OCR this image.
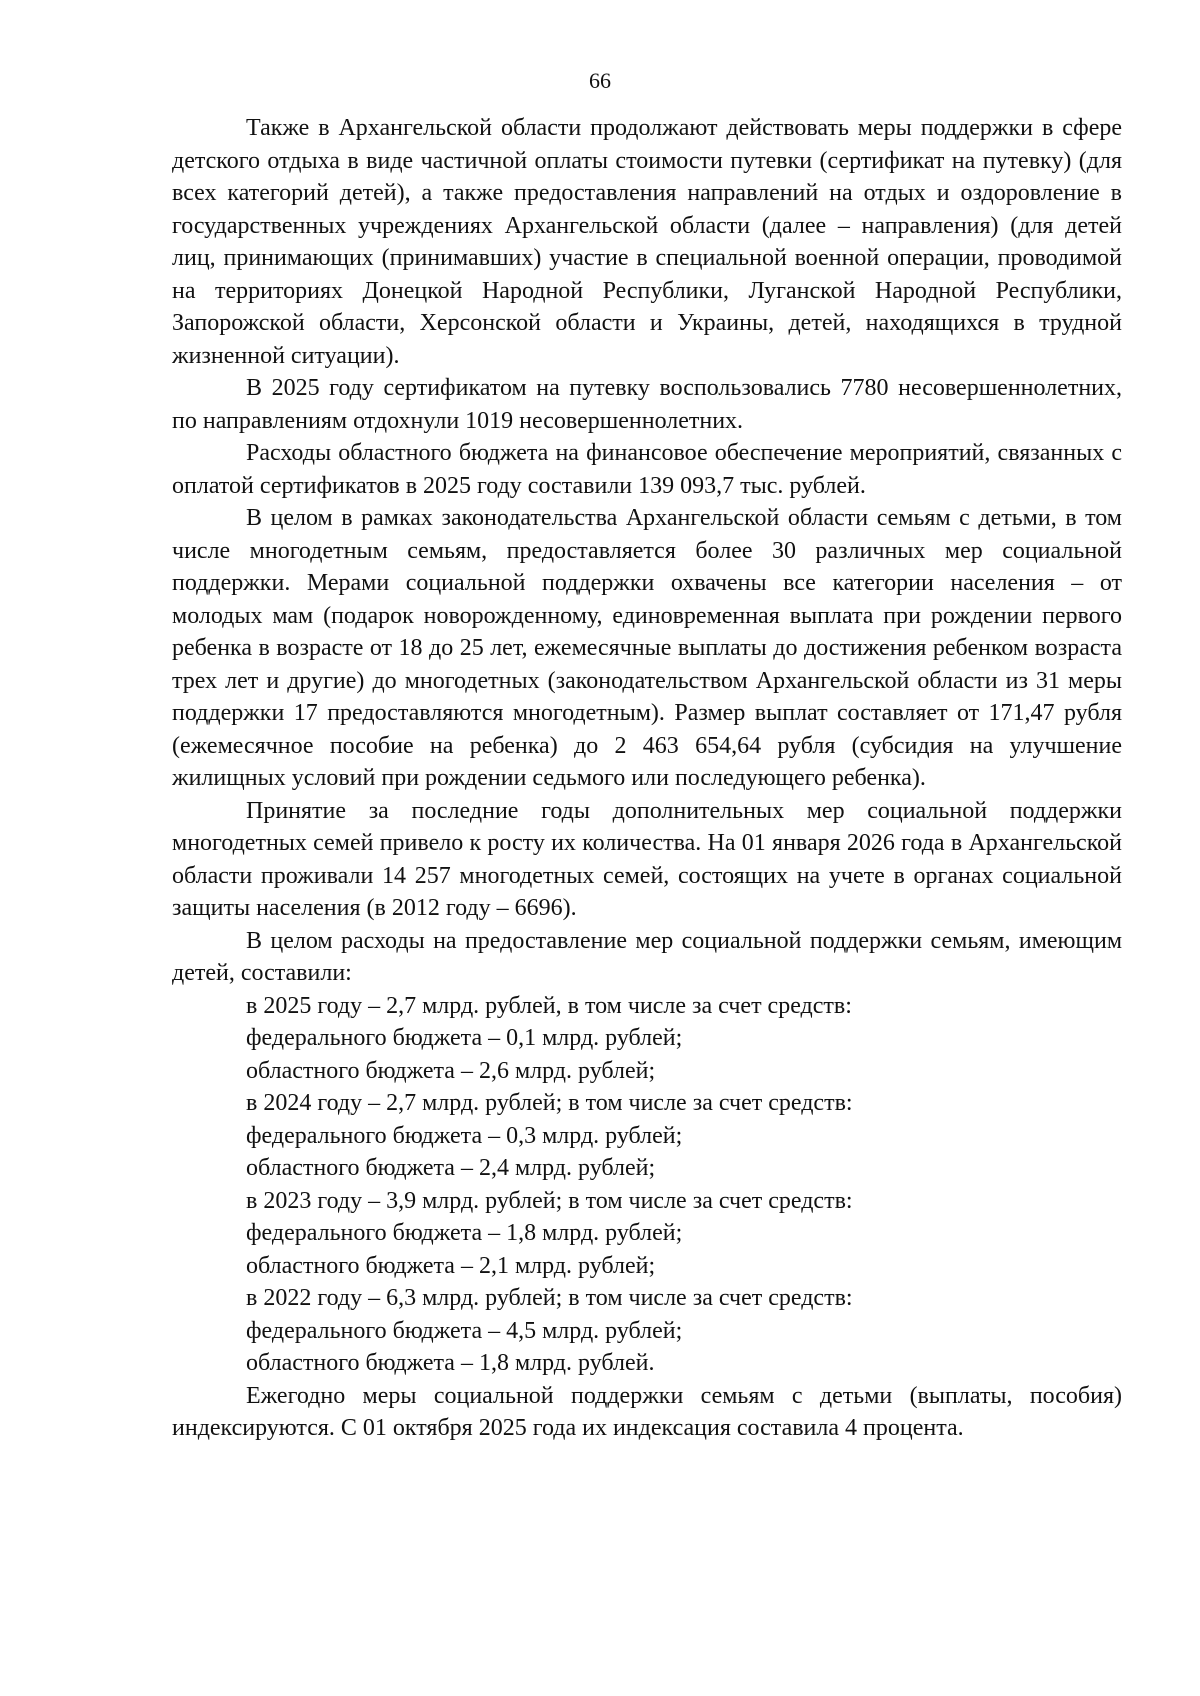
66

Также в Архангельской области продолжают действовать меры поддержки в сфере детского отдыха в виде частичной оплаты стоимости путевки (сертификат на путевку) (для всех категорий детей), а также предоставления направлений на отдых и оздоровление в государственных учреждениях Архангельской области (далее – направления) (для детей лиц, принимающих (принимавших) участие в специальной военной операции, проводимой на территориях Донецкой Народной Республики, Луганской Народной Республики, Запорожской области, Херсонской области и Украины, детей, находящихся в трудной жизненной ситуации).

В 2025 году сертификатом на путевку воспользовались 7780 несовершеннолетних, по направлениям отдохнули 1019 несовершеннолетних.

Расходы областного бюджета на финансовое обеспечение мероприятий, связанных с оплатой сертификатов в 2025 году составили 139 093,7 тыс. рублей.

В целом в рамках законодательства Архангельской области семьям с детьми, в том числе многодетным семьям, предоставляется более 30 различных мер социальной поддержки. Мерами социальной поддержки охвачены все категории населения – от молодых мам (подарок новорожденному, единовременная выплата при рождении первого ребенка в возрасте от 18 до 25 лет, ежемесячные выплаты до достижения ребенком возраста трех лет и другие) до многодетных (законодательством Архангельской области из 31 меры поддержки 17 предоставляются многодетным). Размер выплат составляет от 171,47 рубля (ежемесячное пособие на ребенка) до 2 463 654,64 рубля (субсидия на улучшение жилищных условий при рождении седьмого или последующего ребенка).

Принятие за последние годы дополнительных мер социальной поддержки многодетных семей привело к росту их количества. На 01 января 2026 года в Архангельской области проживали 14 257 многодетных семей, состоящих на учете в органах социальной защиты населения (в 2012 году – 6696).

В целом расходы на предоставление мер социальной поддержки семьям, имеющим детей, составили:

в 2025 году – 2,7 млрд. рублей, в том числе за счет средств:

федерального бюджета – 0,1 млрд. рублей;

областного бюджета – 2,6 млрд. рублей;

в 2024 году – 2,7 млрд. рублей; в том числе за счет средств:

федерального бюджета – 0,3 млрд. рублей;

областного бюджета – 2,4 млрд. рублей;

в 2023 году – 3,9 млрд. рублей; в том числе за счет средств:

федерального бюджета – 1,8 млрд. рублей;

областного бюджета – 2,1 млрд. рублей;

в 2022 году – 6,3 млрд. рублей; в том числе за счет средств:

федерального бюджета – 4,5 млрд. рублей;

областного бюджета – 1,8 млрд. рублей.

Ежегодно меры социальной поддержки семьям с детьми (выплаты, пособия) индексируются. С 01 октября 2025 года их индексация составила 4 процента.
